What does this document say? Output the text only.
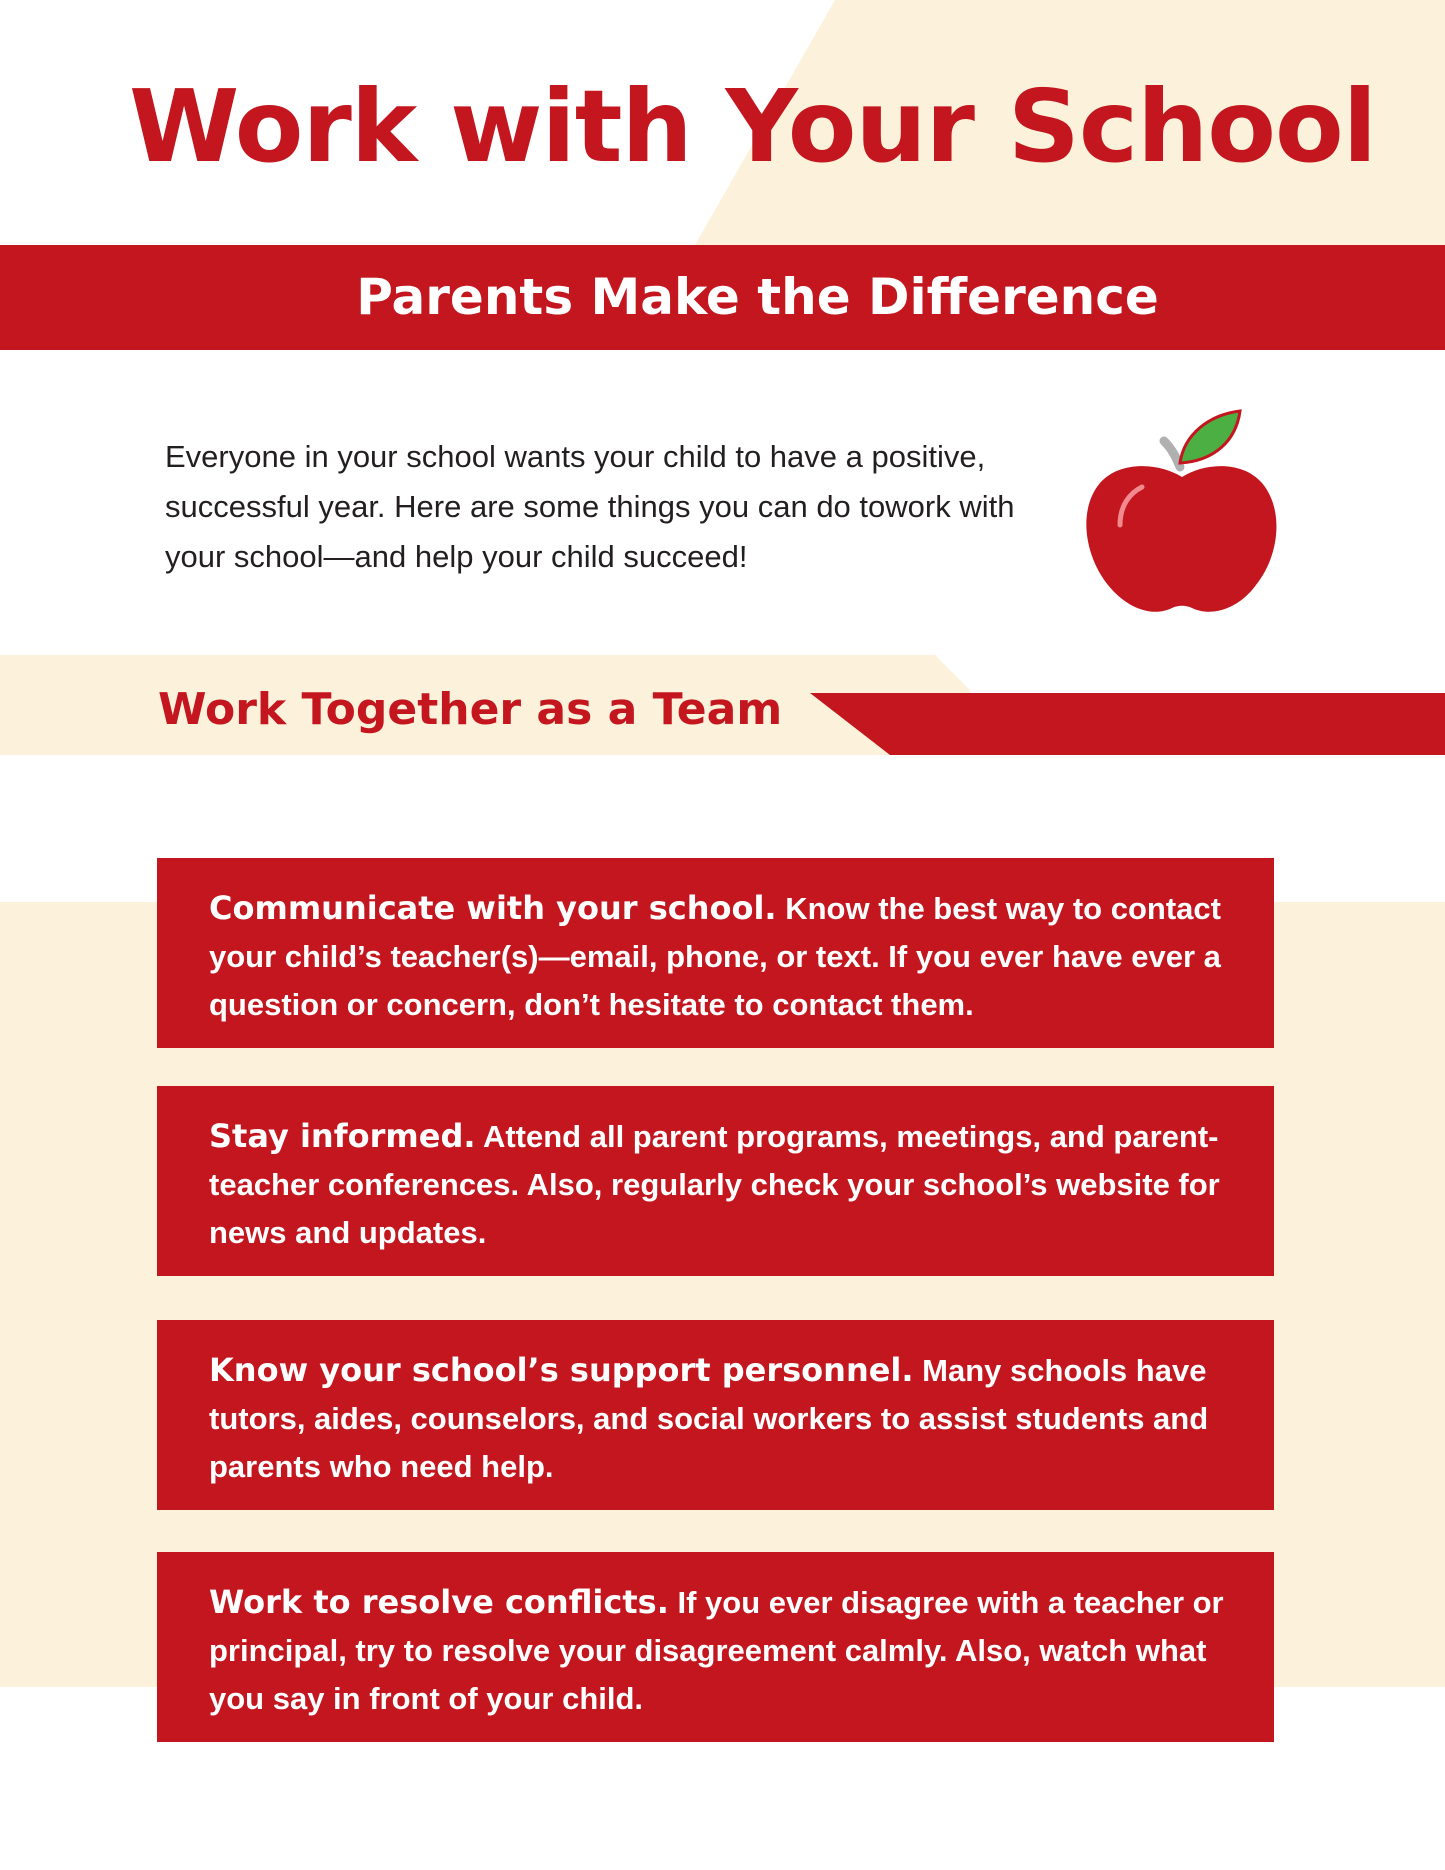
Work with Your School
Parents Make the Difference

Everyone in your school wants your child to have a positive, successful year. Here are some things you can do towork with your school—and help your child succeed!

Work Together as a Team

Communicate with your school. Know the best way to contact your child’s teacher(s)—email, phone, or text. If you ever have ever a question or concern, don’t hesitate to contact them.

Stay informed. Attend all parent programs, meetings, and parent-teacher conferences. Also, regularly check your school’s website for news and updates.

Know your school’s support personnel. Many schools have tutors, aides, counselors, and social workers to assist students and parents who need help.

Work to resolve conflicts. If you ever disagree with a teacher or principal, try to resolve your disagreement calmly. Also, watch what you say in front of your child.
